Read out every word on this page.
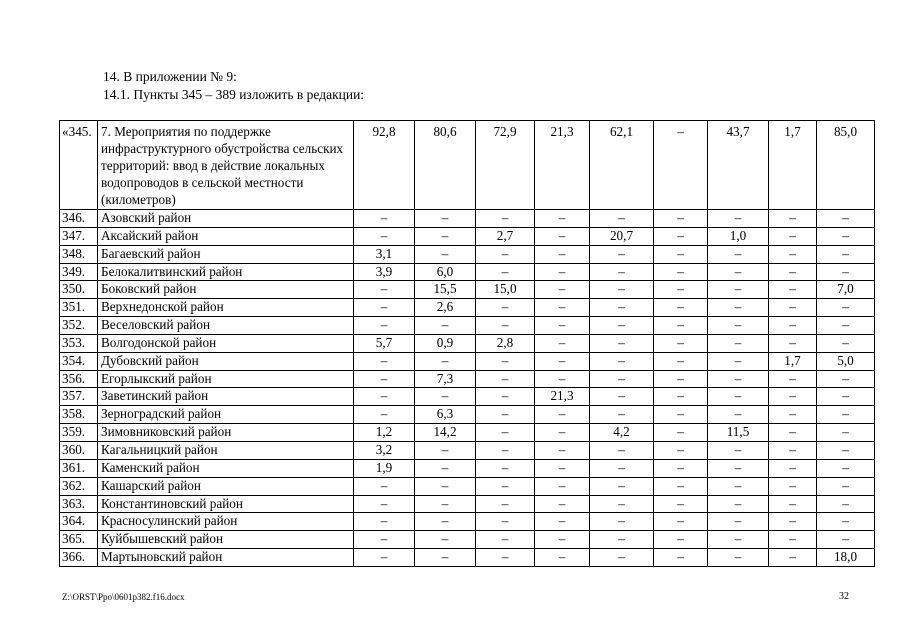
14. В приложении № 9:
14.1. Пункты 345 – 389 изложить в редакции:
«345.	7. Мероприятия по поддержке инфраструктурного обустройства сельских территорий: ввод в действие локальных водопроводов в сельской местности (километров)	92,8	80,6	72,9	21,3	62,1	–	43,7	1,7	85,0
346.	Азовский район	–	–	–	–	–	–	–	–	–
347.	Аксайский район	–	–	2,7	–	20,7	–	1,0	–	–
348.	Багаевский район	3,1	–	–	–	–	–	–	–	–
349.	Белокалитвинский район	3,9	6,0	–	–	–	–	–	–	–
350.	Боковский район	–	15,5	15,0	–	–	–	–	–	7,0
351.	Верхнедонской район	–	2,6	–	–	–	–	–	–	–
352.	Веселовский район	–	–	–	–	–	–	–	–	–
353.	Волгодонской район	5,7	0,9	2,8	–	–	–	–	–	–
354.	Дубовский район	–	–	–	–	–	–	–	1,7	5,0
356.	Егорлыкский район	–	7,3	–	–	–	–	–	–	–
357.	Заветинский район	–	–	–	21,3	–	–	–	–	–
358.	Зерноградский район	–	6,3	–	–	–	–	–	–	–
359.	Зимовниковский район	1,2	14,2	–	–	4,2	–	11,5	–	–
360.	Кагальницкий район	3,2	–	–	–	–	–	–	–	–
361.	Каменский район	1,9	–	–	–	–	–	–	–	–
362.	Кашарский район	–	–	–	–	–	–	–	–	–
363.	Константиновский район	–	–	–	–	–	–	–	–	–
364.	Красносулинский район	–	–	–	–	–	–	–	–	–
365.	Куйбышевский район	–	–	–	–	–	–	–	–	–
366.	Мартыновский район	–	–	–	–	–	–	–	–	18,0
Z:\ORST\Ppo\0601p382.f16.docx	32
